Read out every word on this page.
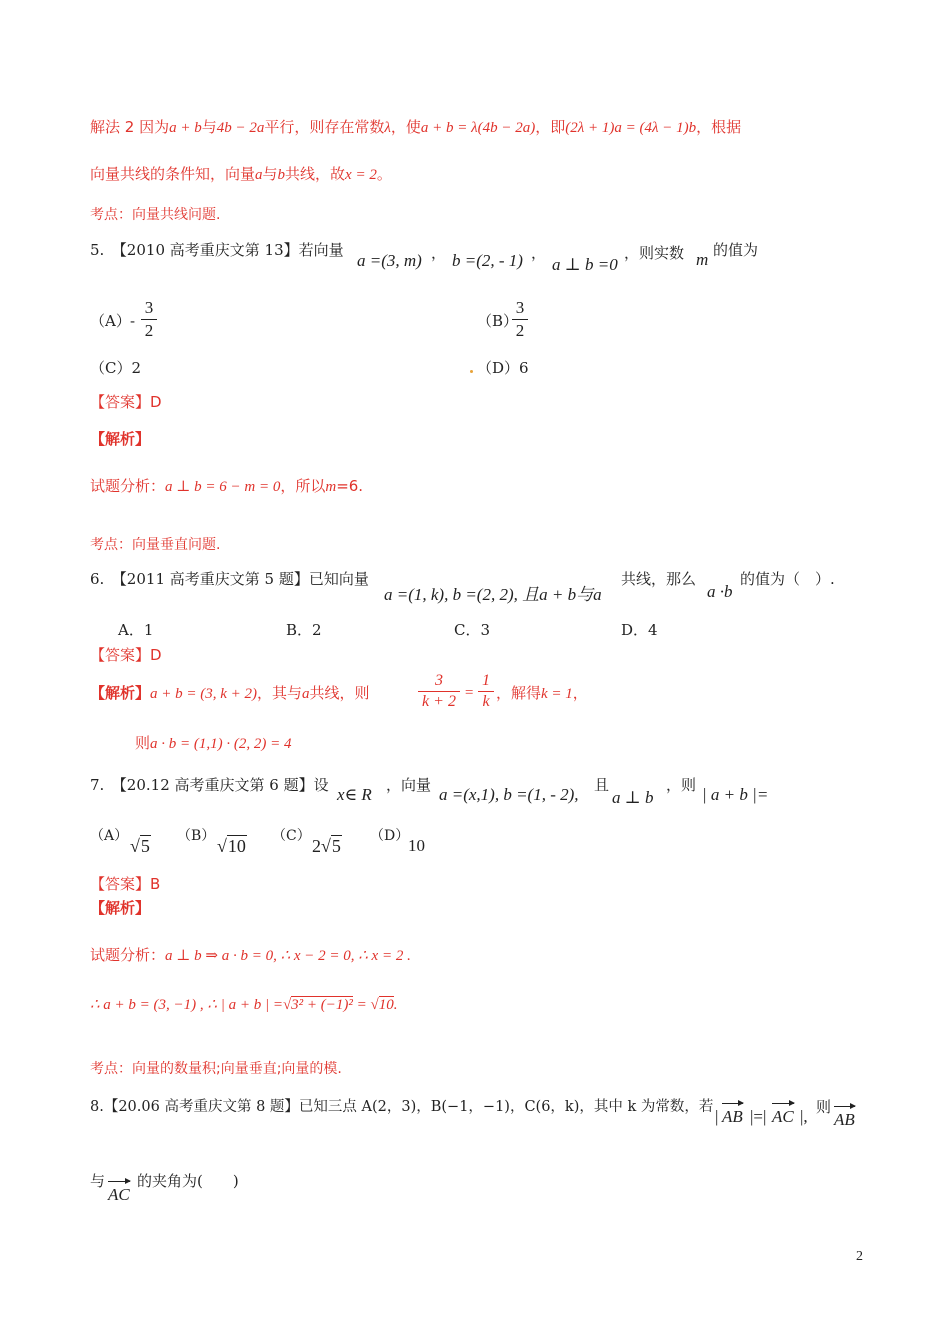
解法 2 因为a + b与4b − 2a平行，则存在常数λ，使a + b = λ(4b − 2a)，即(2λ + 1)a = (4λ − 1)b，根据
向量共线的条件知，向量a与b共线，故x = 2。
考点：向量共线问题.
5.　【2010 高考重庆文第 13】若向量
a =(3, m) ， b =(2, - 1) ，
a ⊥ b =0
，则实数 m 的值为
（A） -
3
2	（B）
3
2
（C）2	（D）6
【答案】D
【解析】
试题分析：a ⊥ b = 6 − m = 0，所以m=6.
考点：向量垂直问题.
6.　【2011 高考重庆文第 5 题】已知向量
a =(1, k), b =(2, 2), 且a + b与a
共线，那么
a ·b
的值为（　）.
A．1	B．2	C．3	D．4
【答案】D
【解析】a + b = (3, k + 2)，其与a共线，则
3
k + 2 =
1
k ，解得k = 1，
则a · b = (1,1) · (2, 2) = 4
7.　【20.12 高考重庆文第 6 题】设 x∈ R ，向量 a =(x,1), b =(1, - 2), 且
a ⊥ b
，则 | a + b |=
（A） √5 （B） √10 （C） 2√5 （D）
10
【答案】B
【解析】
试题分析：a ⊥ b ⇒ a · b = 0, ∴ x − 2 = 0, ∴ x = 2 .
∴ a + b = (3, −1) , ∴ | a + b | =√3² + (−1)² = √10.
考点：向量的数量积;向量垂直;向量的模.
8.【20.06 高考重庆文第 8 题】已知三点 A(2，3)，B(−1，−1)，C(6，k)，其中 k 为常数，若 | AB |=| AC |, 则
AB
与
AC
的夹角为(　　)
2
